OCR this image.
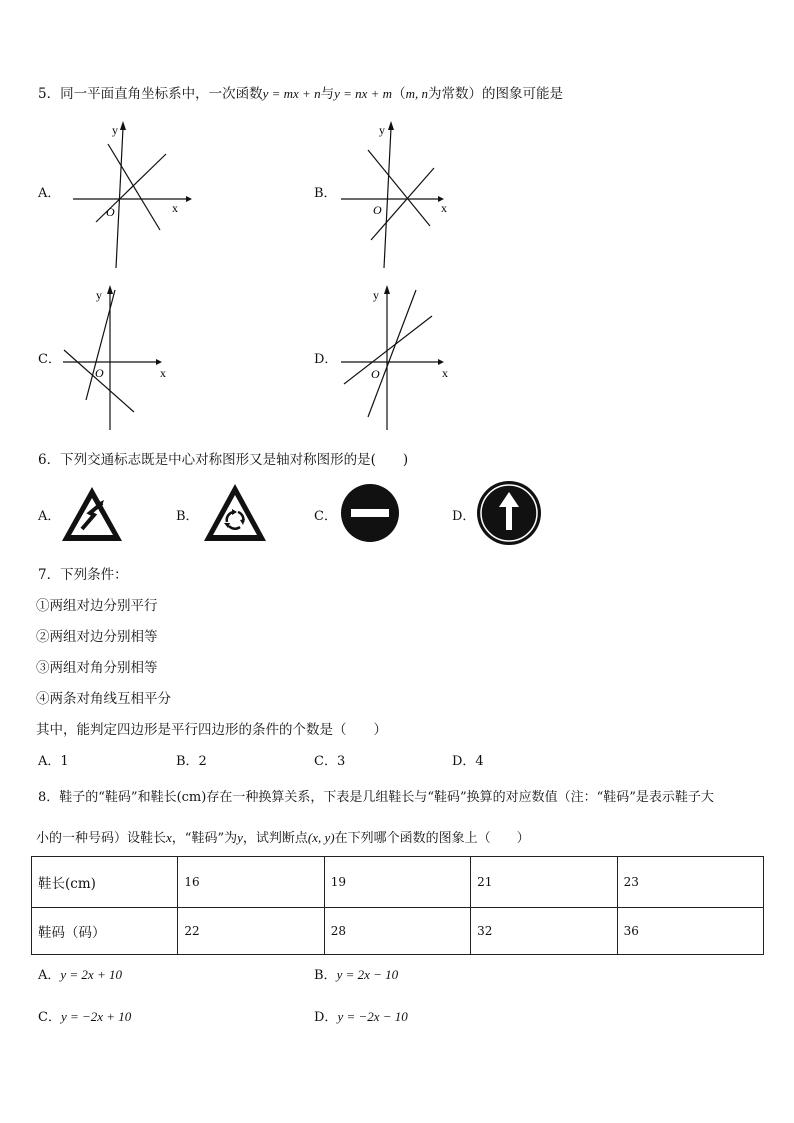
5．同一平面直角坐标系中，一次函数y = mx + n与y = nx + m（m, n为常数）的图象可能是
A．
x
y
O
B．
x
y
O
C．
x
y
O
D．
x
y
O
6．下列交通标志既是中心对称图形又是轴对称图形的是(　　)
A．	B．	C．	D．
7．下列条件：
①两组对边分别平行
②两组对边分别相等
③两组对角分别相等
④两条对角线互相平分
其中，能判定四边形是平行四边形的条件的个数是（　　）
A．1	B．2	C．3	D．4
8．鞋子的“鞋码”和鞋长(cm)存在一种换算关系，下表是几组鞋长与“鞋码”换算的对应数值（注：“鞋码”是表示鞋子大
小的一种号码）设鞋长x，“鞋码”为y，试判断点(x, y)在下列哪个函数的图象上（　　）
鞋长(cm)	16	19	21	23
鞋码（码）	22	28	32	36
A．y = 2x + 10	B．y = 2x − 10
C．y = −2x + 10	D．y = −2x − 10
